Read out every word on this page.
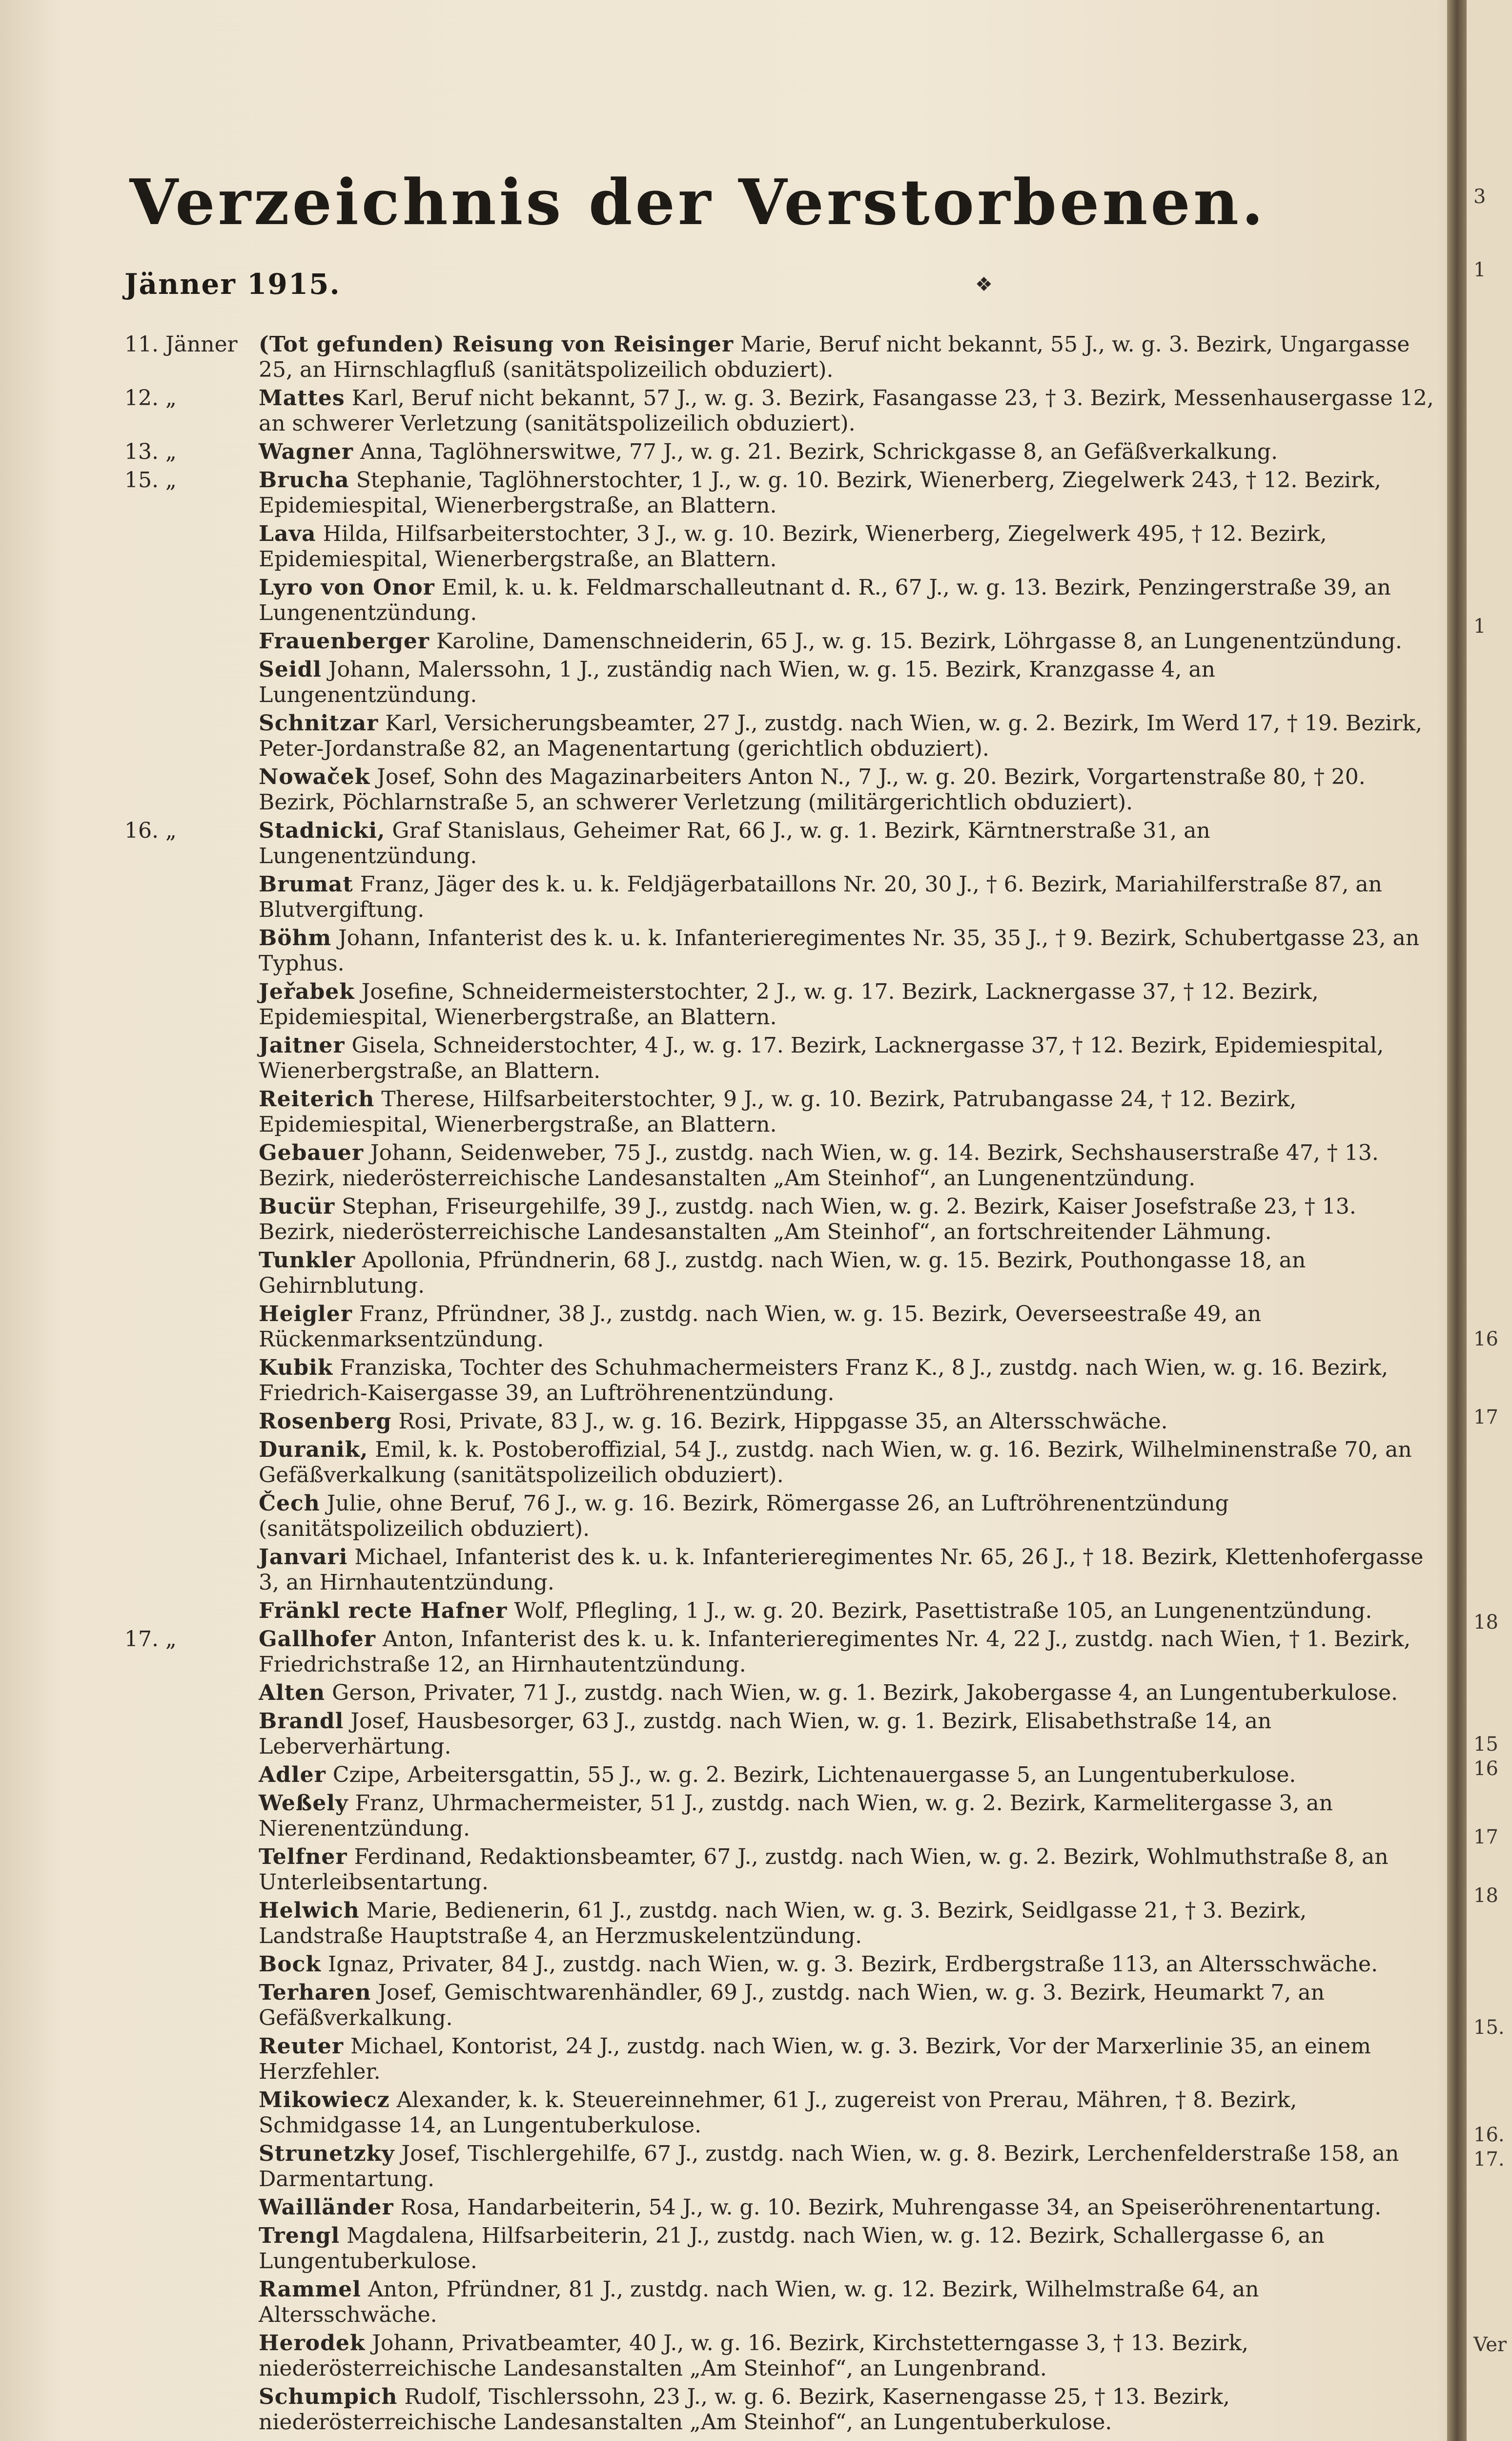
Verzeichnis der Verstorbenen.
Jänner 1915.	❖
11. Jänner (Tot gefunden) Reisung von Reisinger Marie, Beruf nicht bekannt, 55 J., w. g. 3. Bezirk, Ungargasse 25, an Hirnschlagfluß (sanitätspolizeilich obduziert).
12. „	Mattes Karl, Beruf nicht bekannt, 57 J., w. g. 3. Bezirk, Fasangasse 23, † 3. Bezirk, Messenhausergasse 12, an schwerer Verletzung (sanitätspolizeilich obduziert).
13. „	Wagner Anna, Taglöhnerswitwe, 77 J., w. g. 21. Bezirk, Schrickgasse 8, an Gefäßverkalkung.
15. „	Brucha Stephanie, Taglöhnerstochter, 1 J., w. g. 10. Bezirk, Wienerberg, Ziegelwerk 243, † 12. Bezirk, Epidemiespital, Wienerbergstraße, an Blattern.
Lava Hilda, Hilfsarbeiterstochter, 3 J., w. g. 10. Bezirk, Wienerberg, Ziegelwerk 495, † 12. Bezirk, Epidemiespital, Wienerbergstraße, an Blattern.
Lyro von Onor Emil, k. u. k. Feldmarschalleutnant d. R., 67 J., w. g. 13. Bezirk, Penzingerstraße 39, an Lungenentzündung.
Frauenberger Karoline, Damenschneiderin, 65 J., w. g. 15. Bezirk, Löhrgasse 8, an Lungenentzündung.
Seidl Johann, Malerssohn, 1 J., zuständig nach Wien, w. g. 15. Bezirk, Kranzgasse 4, an Lungenentzündung.
Schnitzar Karl, Versicherungsbeamter, 27 J., zustdg. nach Wien, w. g. 2. Bezirk, Im Werd 17, † 19. Bezirk, Peter-Jordanstraße 82, an Magenentartung (gerichtlich obduziert).
Nowaček Josef, Sohn des Magazinarbeiters Anton N., 7 J., w. g. 20. Bezirk, Vorgartenstraße 80, † 20. Bezirk, Pöchlarnstraße 5, an schwerer Verletzung (militärgerichtlich obduziert).
16. „	Stadnicki, Graf Stanislaus, Geheimer Rat, 66 J., w. g. 1. Bezirk, Kärntnerstraße 31, an Lungenentzündung.
Brumat Franz, Jäger des k. u. k. Feldjägerbataillons Nr. 20, 30 J., † 6. Bezirk, Mariahilferstraße 87, an Blutvergiftung.
Böhm Johann, Infanterist des k. u. k. Infanterieregimentes Nr. 35, 35 J., † 9. Bezirk, Schubertgasse 23, an Typhus.
Jeřabek Josefine, Schneidermeisterstochter, 2 J., w. g. 17. Bezirk, Lacknergasse 37, † 12. Bezirk, Epidemiespital, Wienerbergstraße, an Blattern.
Jaitner Gisela, Schneiderstochter, 4 J., w. g. 17. Bezirk, Lacknergasse 37, † 12. Bezirk, Epidemiespital, Wienerbergstraße, an Blattern.
Reiterich Therese, Hilfsarbeiterstochter, 9 J., w. g. 10. Bezirk, Patrubangasse 24, † 12. Bezirk, Epidemiespital, Wienerbergstraße, an Blattern.
Gebauer Johann, Seidenweber, 75 J., zustdg. nach Wien, w. g. 14. Bezirk, Sechshauserstraße 47, † 13. Bezirk, niederösterreichische Landesanstalten „Am Steinhof“, an Lungenentzündung.
Bucür Stephan, Friseurgehilfe, 39 J., zustdg. nach Wien, w. g. 2. Bezirk, Kaiser Josefstraße 23, † 13. Bezirk, niederösterreichische Landesanstalten „Am Steinhof“, an fortschreitender Lähmung.
Tunkler Apollonia, Pfründnerin, 68 J., zustdg. nach Wien, w. g. 15. Bezirk, Pouthongasse 18, an Gehirnblutung.
Heigler Franz, Pfründner, 38 J., zustdg. nach Wien, w. g. 15. Bezirk, Oeverseestraße 49, an Rückenmarksentzündung.
Kubik Franziska, Tochter des Schuhmachermeisters Franz K., 8 J., zustdg. nach Wien, w. g. 16. Bezirk, Friedrich-Kaisergasse 39, an Luftröhrenentzündung.
Rosenberg Rosi, Private, 83 J., w. g. 16. Bezirk, Hippgasse 35, an Altersschwäche.
Duranik, Emil, k. k. Postoberoffizial, 54 J., zustdg. nach Wien, w. g. 16. Bezirk, Wilhelminenstraße 70, an Gefäßverkalkung (sanitätspolizeilich obduziert).
Čech Julie, ohne Beruf, 76 J., w. g. 16. Bezirk, Römergasse 26, an Luftröhrenentzündung (sanitätspolizeilich obduziert).
Janvari Michael, Infanterist des k. u. k. Infanterieregimentes Nr. 65, 26 J., † 18. Bezirk, Klettenhofergasse 3, an Hirnhautentzündung.
Fränkl recte Hafner Wolf, Pflegling, 1 J., w. g. 20. Bezirk, Pasettistraße 105, an Lungenentzündung.
17. „	Gallhofer Anton, Infanterist des k. u. k. Infanterieregimentes Nr. 4, 22 J., zustdg. nach Wien, † 1. Bezirk, Friedrichstraße 12, an Hirnhautentzündung.
Alten Gerson, Privater, 71 J., zustdg. nach Wien, w. g. 1. Bezirk, Jakobergasse 4, an Lungentuberkulose.
Brandl Josef, Hausbesorger, 63 J., zustdg. nach Wien, w. g. 1. Bezirk, Elisabethstraße 14, an Leberverhärtung.
Adler Czipe, Arbeitersgattin, 55 J., w. g. 2. Bezirk, Lichtenauergasse 5, an Lungentuberkulose.
Weßely Franz, Uhrmachermeister, 51 J., zustdg. nach Wien, w. g. 2. Bezirk, Karmelitergasse 3, an Nierenentzündung.
Telfner Ferdinand, Redaktionsbeamter, 67 J., zustdg. nach Wien, w. g. 2. Bezirk, Wohlmuthstraße 8, an Unterleibsentartung.
Helwich Marie, Bedienerin, 61 J., zustdg. nach Wien, w. g. 3. Bezirk, Seidlgasse 21, † 3. Bezirk, Landstraße Hauptstraße 4, an Herzmuskelentzündung.
Bock Ignaz, Privater, 84 J., zustdg. nach Wien, w. g. 3. Bezirk, Erdbergstraße 113, an Altersschwäche.
Terharen Josef, Gemischtwarenhändler, 69 J., zustdg. nach Wien, w. g. 3. Bezirk, Heumarkt 7, an Gefäßverkalkung.
Reuter Michael, Kontorist, 24 J., zustdg. nach Wien, w. g. 3. Bezirk, Vor der Marxerlinie 35, an einem Herzfehler.
Mikowiecz Alexander, k. k. Steuereinnehmer, 61 J., zugereist von Prerau, Mähren, † 8. Bezirk, Schmidgasse 14, an Lungentuberkulose.
Strunetzky Josef, Tischlergehilfe, 67 J., zustdg. nach Wien, w. g. 8. Bezirk, Lerchenfelderstraße 158, an Darmentartung.
Wailländer Rosa, Handarbeiterin, 54 J., w. g. 10. Bezirk, Muhrengasse 34, an Speiseröhrenentartung.
Trengl Magdalena, Hilfsarbeiterin, 21 J., zustdg. nach Wien, w. g. 12. Bezirk, Schallergasse 6, an Lungentuberkulose.
Rammel Anton, Pfründner, 81 J., zustdg. nach Wien, w. g. 12. Bezirk, Wilhelmstraße 64, an Altersschwäche.
Herodek Johann, Privatbeamter, 40 J., w. g. 16. Bezirk, Kirchstetterngasse 3, † 13. Bezirk, niederösterreichische Landesanstalten „Am Steinhof“, an Lungenbrand.
Schumpich Rudolf, Tischlerssohn, 23 J., w. g. 6. Bezirk, Kasernengasse 25, † 13. Bezirk, niederösterreichische Landesanstalten „Am Steinhof“, an Lungentuberkulose.
3
1
1
16
17
18
15
16
17
18
15.
16.
17.
Ver
